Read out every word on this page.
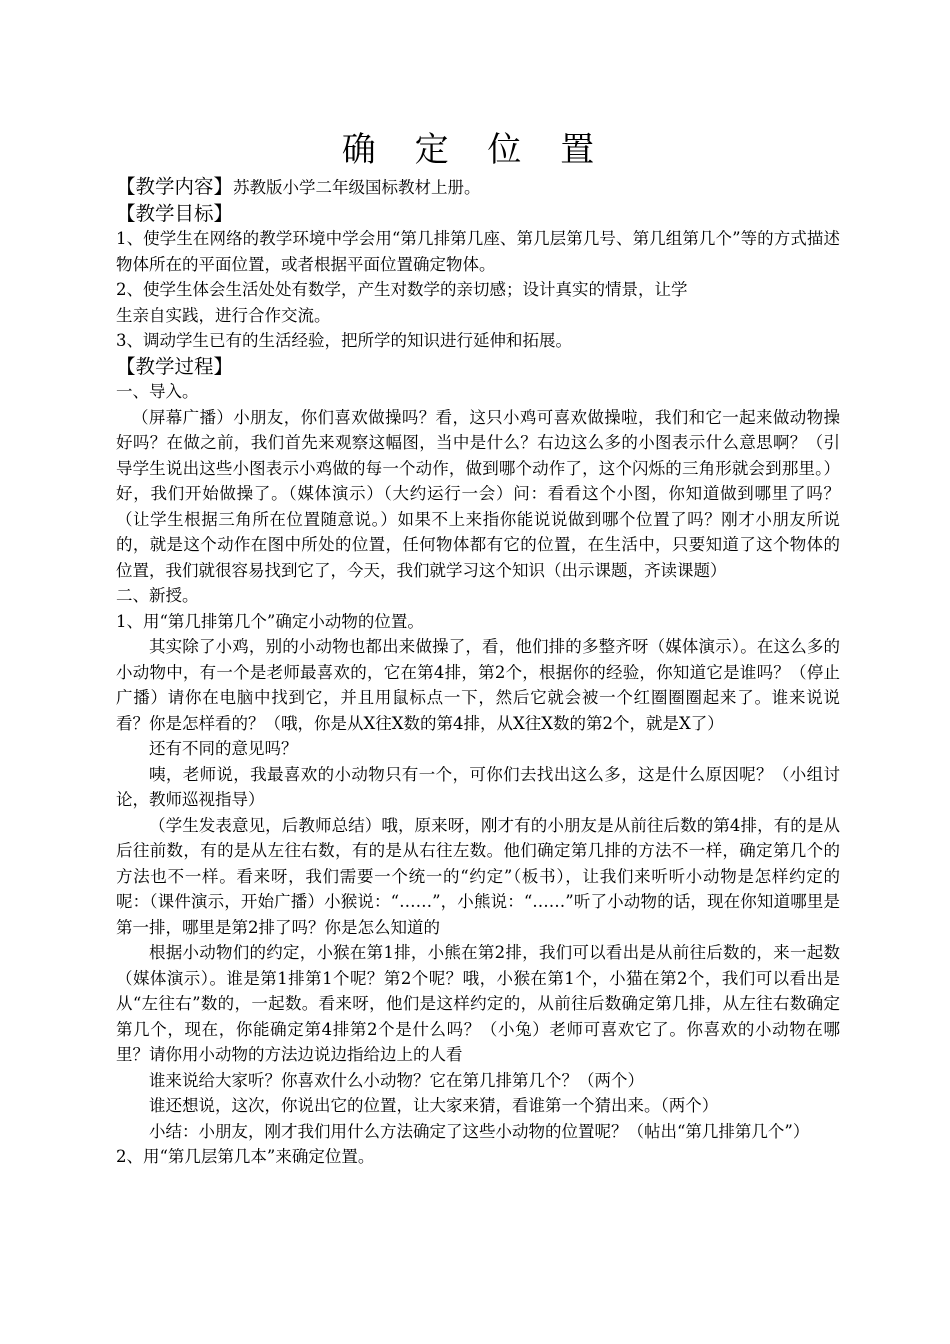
确 定 位 置

【教学内容】苏教版小学二年级国标教材上册。

【教学目标】

1、使学生在网络的教学环境中学会用“第几排第几座、第几层第几号、第几组第几个”等的方式描述物体所在的平面位置，或者根据平面位置确定物体。

2、使学生体会生活处处有数学，产生对数学的亲切感；设计真实的情景，让学

生亲自实践，进行合作交流。

3、调动学生已有的生活经验，把所学的知识进行延伸和拓展。

【教学过程】

一、导入。

（屏幕广播）小朋友，你们喜欢做操吗？看，这只小鸡可喜欢做操啦，我们和它一起来做动物操好吗？在做之前，我们首先来观察这幅图，当中是什么？右边这么多的小图表示什么意思啊？（引导学生说出这些小图表示小鸡做的每一个动作，做到哪个动作了，这个闪烁的三角形就会到那里。）好，我们开始做操了。（媒体演示）（大约运行一会）问：看看这个小图，你知道做到哪里了吗？（让学生根据三角所在位置随意说。）如果不上来指你能说说做到哪个位置了吗？刚才小朋友所说的，就是这个动作在图中所处的位置，任何物体都有它的位置，在生活中，只要知道了这个物体的位置，我们就很容易找到它了，今天，我们就学习这个知识（出示课题，齐读课题）

二、新授。

1、用“第几排第几个”确定小动物的位置。

其实除了小鸡，别的小动物也都出来做操了，看，他们排的多整齐呀（媒体演示）。在这么多的小动物中，有一个是老师最喜欢的，它在第4排，第2个，根据你的经验，你知道它是谁吗？（停止广播）请你在电脑中找到它，并且用鼠标点一下，然后它就会被一个红圈圈圈起来了。谁来说说看？你是怎样看的？（哦，你是从X往X数的第4排，从X往X数的第2个，就是X了）

还有不同的意见吗？

咦，老师说，我最喜欢的小动物只有一个，可你们去找出这么多，这是什么原因呢？（小组讨论，教师巡视指导）

（学生发表意见，后教师总结）哦，原来呀，刚才有的小朋友是从前往后数的第4排，有的是从后往前数，有的是从左往右数，有的是从右往左数。他们确定第几排的方法不一样，确定第几个的方法也不一样。看来呀，我们需要一个统一的“约定”（板书），让我们来听听小动物是怎样约定的呢：（课件演示，开始广播）小猴说：“……”，小熊说：“……”听了小动物的话，现在你知道哪里是第一排，哪里是第2排了吗？你是怎么知道的

根据小动物们的约定，小猴在第1排，小熊在第2排，我们可以看出是从前往后数的，来一起数（媒体演示）。谁是第1排第1个呢？第2个呢？哦，小猴在第1个，小猫在第2个，我们可以看出是从“左往右”数的，一起数。看来呀，他们是这样约定的，从前往后数确定第几排，从左往右数确定第几个，现在，你能确定第4排第2个是什么吗？（小兔）老师可喜欢它了。你喜欢的小动物在哪里？请你用小动物的方法边说边指给边上的人看

谁来说给大家听？你喜欢什么小动物？它在第几排第几个？（两个）

谁还想说，这次，你说出它的位置，让大家来猜，看谁第一个猜出来。（两个）

小结：小朋友，刚才我们用什么方法确定了这些小动物的位置呢？（帖出“第几排第几个”）

2、用“第几层第几本”来确定位置。
